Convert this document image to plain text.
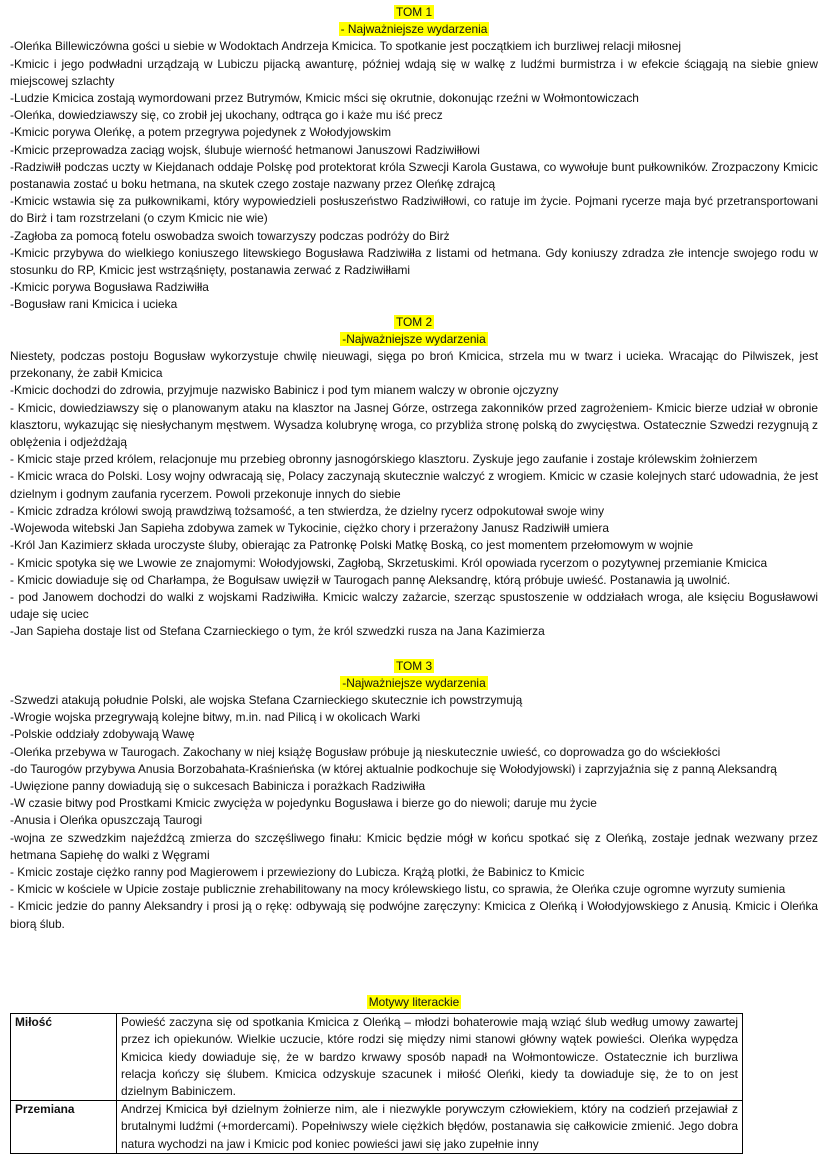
TOM 1
- Najważniejsze wydarzenia

-Oleńka Billewiczówna gości u siebie w Wodoktach Andrzeja Kmicica. To spotkanie jest początkiem ich burzliwej relacji miłosnej

-Kmicic i jego podwładni urządzają w Lubiczu pijacką awanturę, później wdają się w walkę z ludźmi burmistrza i w efekcie ściągają na siebie gniew miejscowej szlachty

-Ludzie Kmicica zostają wymordowani przez Butrymów, Kmicic mści się okrutnie, dokonując rzeźni w Wołmontowiczach

-Oleńka, dowiedziawszy się, co zrobił jej ukochany, odtrąca go i każe mu iść precz

-Kmicic porywa Oleńkę, a potem przegrywa pojedynek z Wołodyjowskim

-Kmicic przeprowadza zaciąg wojsk, ślubuje wierność hetmanowi Januszowi Radziwiłłowi

-Radziwiłł podczas uczty w Kiejdanach oddaje Polskę pod protektorat króla Szwecji Karola Gustawa, co wywołuje bunt pułkowników. Zrozpaczony Kmicic postanawia zostać u boku hetmana, na skutek czego zostaje nazwany przez Oleńkę zdrajcą

-Kmicic wstawia się za pułkownikami, który wypowiedzieli posłuszeństwo Radziwiłłowi, co ratuje im życie. Pojmani rycerze maja być przetransportowani do Birż i tam rozstrzelani (o czym Kmicic nie wie)

-Zagłoba za pomocą fotelu oswobadza swoich towarzyszy podczas podróży do Birż

-Kmicic przybywa do wielkiego koniuszego litewskiego Bogusława Radziwiłła z listami od hetmana. Gdy koniuszy zdradza złe intencje swojego rodu w stosunku do RP, Kmicic jest wstrząśnięty, postanawia zerwać z Radziwiłłami

-Kmicic porywa Bogusława Radziwiłła

-Bogusław rani Kmicica i ucieka

TOM 2
-Najważniejsze wydarzenia

Niestety, podczas postoju Bogusław wykorzystuje chwilę nieuwagi, sięga po broń Kmicica, strzela mu w twarz i ucieka. Wracając do Pilwiszek, jest przekonany, że zabił Kmicica

-Kmicic dochodzi do zdrowia, przyjmuje nazwisko Babinicz i pod tym mianem walczy w obronie ojczyzny

- Kmicic, dowiedziawszy się o planowanym ataku na klasztor na Jasnej Górze, ostrzega zakonników przed zagrożeniem- Kmicic bierze udział w obronie klasztoru, wykazując się niesłychanym męstwem. Wysadza kolubrynę wroga, co przybliża stronę polską do zwycięstwa. Ostatecznie Szwedzi rezygnują z oblężenia i odjeżdżają

- Kmicic staje przed królem, relacjonuje mu przebieg obronny jasnogórskiego klasztoru. Zyskuje jego zaufanie i zostaje królewskim żołnierzem

- Kmicic wraca do Polski. Losy wojny odwracają się, Polacy zaczynają skutecznie walczyć z wrogiem. Kmicic w czasie kolejnych starć udowadnia, że jest dzielnym i godnym zaufania rycerzem. Powoli przekonuje innych do siebie

- Kmicic zdradza królowi swoją prawdziwą tożsamość, a ten stwierdza, że dzielny rycerz odpokutował swoje winy

-Wojewoda witebski Jan Sapieha zdobywa zamek w Tykocinie, ciężko chory i przerażony Janusz Radziwiłł umiera

-Król Jan Kazimierz składa uroczyste śluby, obierając za Patronkę Polski Matkę Boską, co jest momentem przełomowym w wojnie

- Kmicic spotyka się we Lwowie ze znajomymi: Wołodyjowski, Zagłobą, Skrzetuskimi. Król opowiada rycerzom o pozytywnej przemianie Kmicica

- Kmicic dowiaduje się od Charłampa, że Bogułsaw uwięził w Taurogach pannę Aleksandrę, którą próbuje uwieść. Postanawia ją uwolnić.

- pod Janowem dochodzi do walki z wojskami Radziwiłła. Kmicic walczy zażarcie, szerząc spustoszenie w oddziałach wroga, ale księciu Bogusławowi udaje się uciec

-Jan Sapieha dostaje list od Stefana Czarnieckiego o tym, że król szwedzki rusza na Jana Kazimierza

TOM 3
-Najważniejsze wydarzenia

-Szwedzi atakują południe Polski, ale wojska Stefana Czarnieckiego skutecznie ich powstrzymują

-Wrogie wojska przegrywają kolejne bitwy, m.in. nad Pilicą i w okolicach Warki

-Polskie oddziały zdobywają Wawę

-Oleńka przebywa w Taurogach. Zakochany w niej książę Bogusław próbuje ją nieskutecznie uwieść, co doprowadza go do wściekłości

-do Taurogów przybywa Anusia Borzobahata-Kraśnieńska (w której aktualnie podkochuje się Wołodyjowski) i zaprzyjaźnia się z panną Aleksandrą

-Uwięzione panny dowiadują się o sukcesach Babinicza i porażkach Radziwiłła

-W czasie bitwy pod Prostkami Kmicic zwycięża w pojedynku Bogusława i bierze go do niewoli; daruje mu życie

-Anusia i Oleńka opuszczają Taurogi

-wojna ze szwedzkim najeźdźcą zmierza do szczęśliwego finału: Kmicic będzie mógł w końcu spotkać się z Oleńką, zostaje jednak wezwany przez hetmana Sapiehę do walki z Węgrami

- Kmicic zostaje ciężko ranny pod Magierowem i przewieziony do Lubicza. Krążą plotki, że Babinicz to Kmicic

- Kmicic w kościele w Upicie zostaje publicznie zrehabilitowany na mocy królewskiego listu, co sprawia, że Oleńka czuje ogromne wyrzuty sumienia

- Kmicic jedzie do panny Aleksandry i prosi ją o rękę: odbywają się podwójne zaręczyny: Kmicica z Oleńką i Wołodyjowskiego z Anusią. Kmicic i Oleńka biorą ślub.

Motywy literackie
Miłość	Powieść zaczyna się od spotkania Kmicica z Oleńką – młodzi bohaterowie mają wziąć ślub według umowy zawartej przez ich opiekunów. Wielkie uczucie, które rodzi się między nimi stanowi główny wątek powieści. Oleńka wypędza Kmicica kiedy dowiaduje się, że w bardzo krwawy sposób napadł na Wołmontowicze. Ostatecznie ich burzliwa relacja kończy się ślubem. Kmicica odzyskuje szacunek i miłość Oleńki, kiedy ta dowiaduje się, że to on jest dzielnym Babiniczem.
Przemiana	Andrzej Kmicica był dzielnym żołnierze nim, ale i niezwykle porywczym człowiekiem, który na codzień przejawiał z brutalnymi ludźmi (+mordercami). Popełniwszy wiele ciężkich błędów, postanawia się całkowicie zmienić. Jego dobra natura wychodzi na jaw i Kmicic pod koniec powieści jawi się jako zupełnie inny
